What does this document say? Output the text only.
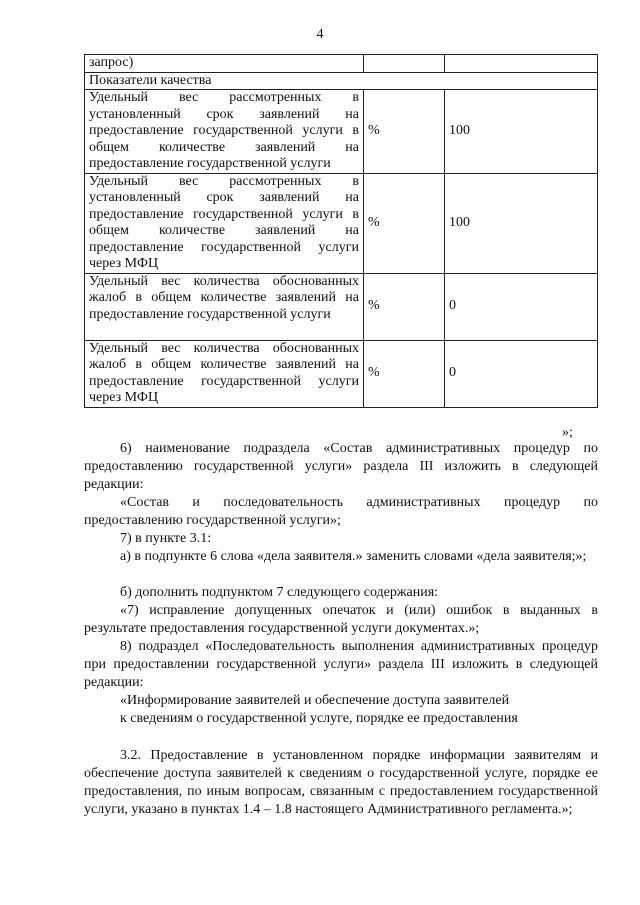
4
запрос)		
Показатели качества		
Удельный вес рассмотренных в установленный срок заявлений на предоставление государственной услуги в общем количестве заявлений на предоставление государственной услуги	%	100
Удельный вес рассмотренных в установленный срок заявлений на предоставление государственной услуги в общем количестве заявлений на предоставление государственной услуги через МФЦ	%	100
Удельный вес количества обоснованных жалоб в общем количестве заявлений на предоставление государственной услуги	%	0
Удельный вес количества обоснованных жалоб в общем количестве заявлений на предоставление государственной услуги через МФЦ	%	0
»;

6) наименование подраздела «Состав административных процедур по предоставлению государственной услуги» раздела III изложить в следующей редакции:

«Состав и последовательность административных процедур по предоставлению государственной услуги»;

7) в пункте 3.1:

а) в подпункте 6 слова «дела заявителя.» заменить словами «дела заявителя;»;

б) дополнить подпунктом 7 следующего содержания:

«7) исправление допущенных опечаток и (или) ошибок в выданных в результате предоставления государственной услуги документах.»;

8) подраздел «Последовательность выполнения административных процедур при предоставлении государственной услуги» раздела III изложить в следующей редакции:

«Информирование заявителей и обеспечение доступа заявителей

к сведениям о государственной услуге, порядке ее предоставления

3.2. Предоставление в установленном порядке информации заявителям и обеспечение доступа заявителей к сведениям о государственной услуге, порядке ее предоставления, по иным вопросам, связанным с предоставлением государственной услуги, указано в пунктах 1.4 – 1.8 настоящего Административного регламента.»;
